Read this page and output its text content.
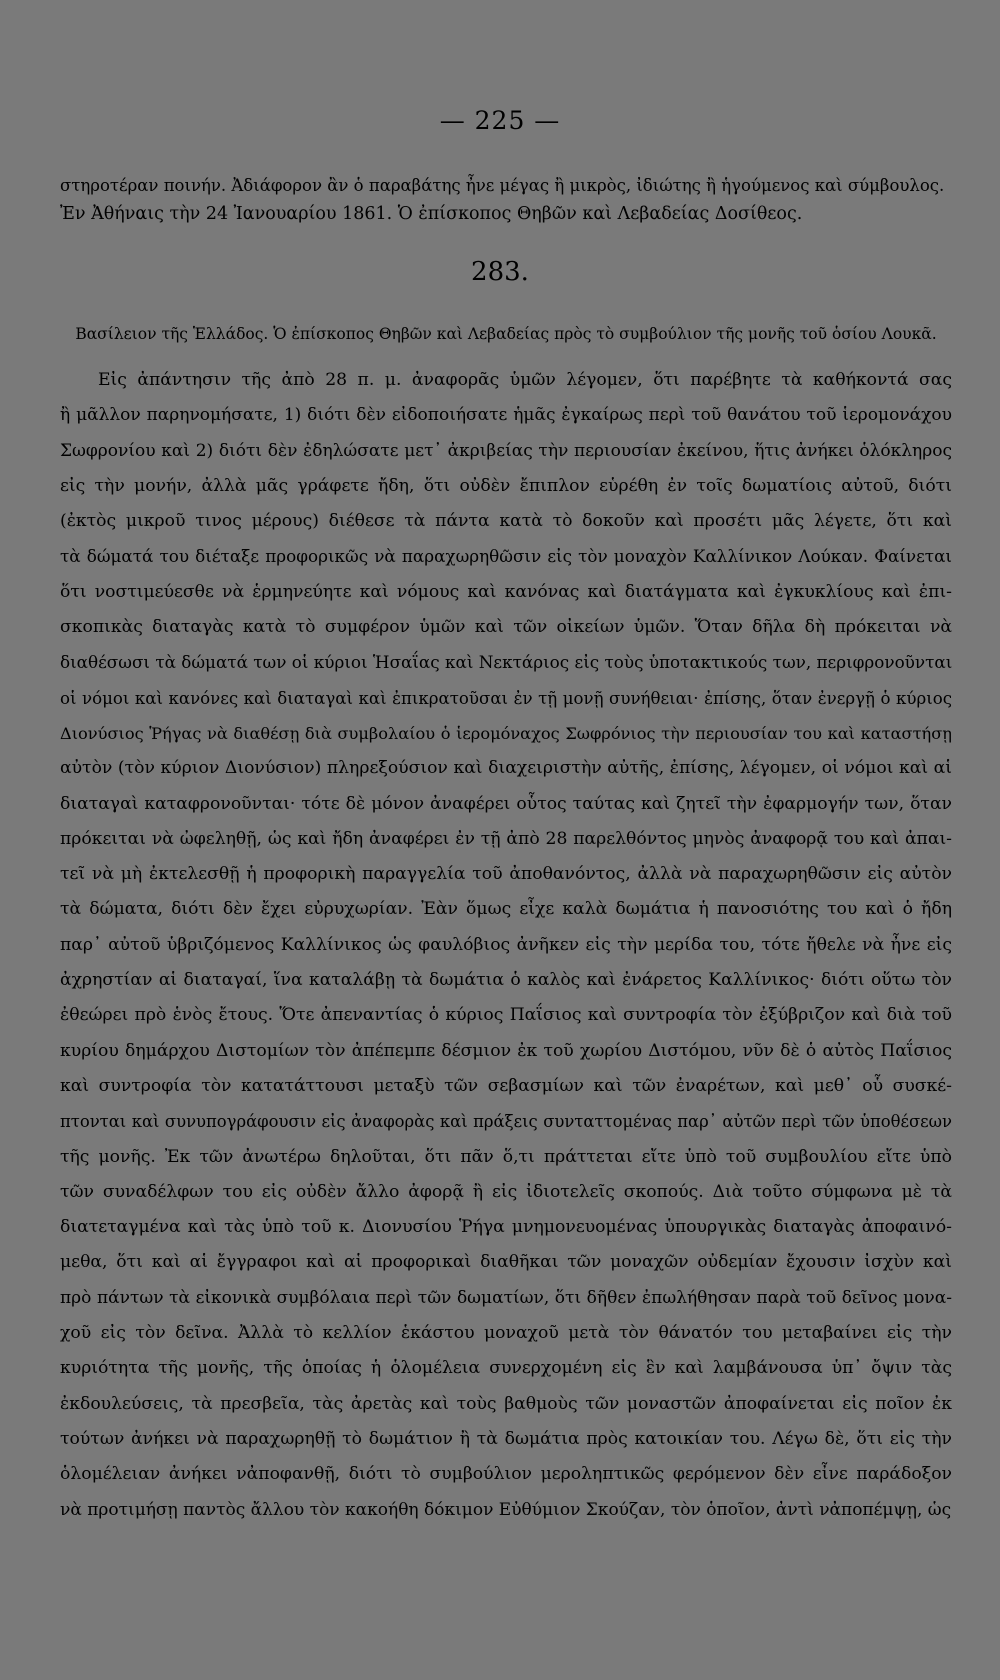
— 225 —

στηροτέραν ποινήν. Ἀδιάφορον ἂν ὁ παραβάτης ἦνε μέγας ἢ μικρὸς, ἰδιώτης ἢ ἡγούμενος καὶ σύμβουλος.

Ἐν Ἀθήναις τὴν 24 Ἰανουαρίου 1861. Ὁ ἐπίσκοπος Θηβῶν καὶ Λεβαδείας Δοσίθεος.

283.
Βασίλειον τῆς Ἑλλάδος. Ὁ ἐπίσκοπος Θηβῶν καὶ Λεβαδείας πρὸς τὸ συμβούλιον τῆς μονῆς τοῦ ὁσίου Λουκᾶ.
Εἰς ἀπάντησιν τῆς ἀπὸ 28 π. μ. ἀναφορᾶς ὑμῶν λέγομεν, ὅτι παρέβητε τὰ καθήκοντά σας
ἢ μᾶλλον παρηνομήσατε, 1) διότι δὲν εἰδοποιήσατε ἡμᾶς ἐγκαίρως περὶ τοῦ θανάτου τοῦ ἱερομονάχου
Σωφρονίου καὶ 2) διότι δὲν ἐδηλώσατε μετ᾽ ἀκριβείας τὴν περιουσίαν ἐκείνου, ἥτις ἀνήκει ὁλόκληρος
εἰς τὴν μονήν, ἀλλὰ μᾶς γράφετε ἤδη, ὅτι οὐδὲν ἔπιπλον εὑρέθη ἐν τοῖς δωματίοις αὐτοῦ, διότι
(ἐκτὸς μικροῦ τινος μέρους) διέθεσε τὰ πάντα κατὰ τὸ δοκοῦν καὶ προσέτι μᾶς λέγετε, ὅτι καὶ
τὰ δώματά του διέταξε προφορικῶς νὰ παραχωρηθῶσιν εἰς τὸν μοναχὸν Καλλίνικον Λούκαν. Φαίνεται
ὅτι νοστιμεύεσθε νὰ ἑρμηνεύητε καὶ νόμους καὶ κανόνας καὶ διατάγματα καὶ ἐγκυκλίους καὶ ἐπι-
σκοπικὰς διαταγὰς κατὰ τὸ συμφέρον ὑμῶν καὶ τῶν οἰκείων ὑμῶν. Ὅταν δῆλα δὴ πρόκειται νὰ
διαθέσωσι τὰ δώματά των οἱ κύριοι Ἡσαΐας καὶ Νεκτάριος εἰς τοὺς ὑποτακτικούς των, περιφρονοῦνται
οἱ νόμοι καὶ κανόνες καὶ διαταγαὶ καὶ ἐπικρατοῦσαι ἐν τῇ μονῇ συνήθειαι· ἐπίσης, ὅταν ἐνεργῇ ὁ κύριος
Διονύσιος Ῥήγας νὰ διαθέσῃ διὰ συμβολαίου ὁ ἱερομόναχος Σωφρόνιος τὴν περιουσίαν του καὶ καταστήσῃ
αὐτὸν (τὸν κύριον Διονύσιον) πληρεξούσιον καὶ διαχειριστὴν αὐτῆς, ἐπίσης, λέγομεν, οἱ νόμοι καὶ αἱ
διαταγαὶ καταφρονοῦνται· τότε δὲ μόνον ἀναφέρει οὗτος ταύτας καὶ ζητεῖ τὴν ἐφαρμογήν των, ὅταν
πρόκειται νὰ ὠφεληθῇ, ὡς καὶ ἤδη ἀναφέρει ἐν τῇ ἀπὸ 28 παρελθόντος μηνὸς ἀναφορᾷ του καὶ ἀπαι-
τεῖ νὰ μὴ ἐκτελεσθῇ ἡ προφορικὴ παραγγελία τοῦ ἀποθανόντος, ἀλλὰ νὰ παραχωρηθῶσιν εἰς αὐτὸν
τὰ δώματα, διότι δὲν ἔχει εὐρυχωρίαν. Ἐὰν ὅμως εἶχε καλὰ δωμάτια ἡ πανοσιότης του καὶ ὁ ἤδη
παρ᾽ αὐτοῦ ὑβριζόμενος Καλλίνικος ὡς φαυλόβιος ἀνῆκεν εἰς τὴν μερίδα του, τότε ἤθελε νὰ ἦνε εἰς
ἀχρηστίαν αἱ διαταγαί, ἵνα καταλάβῃ τὰ δωμάτια ὁ καλὸς καὶ ἐνάρετος Καλλίνικος· διότι οὕτω τὸν
ἐθεώρει πρὸ ἑνὸς ἔτους. Ὅτε ἀπεναντίας ὁ κύριος Παΐσιος καὶ συντροφία τὸν ἐξύβριζον καὶ διὰ τοῦ
κυρίου δημάρχου Διστομίων τὸν ἀπέπεμπε δέσμιον ἐκ τοῦ χωρίου Διστόμου, νῦν δὲ ὁ αὐτὸς Παΐσιος
καὶ συντροφία τὸν κατατάττουσι μεταξὺ τῶν σεβασμίων καὶ τῶν ἐναρέτων, καὶ μεθ᾽ οὗ συσκέ-
πτονται καὶ συνυπογράφουσιν εἰς ἀναφορὰς καὶ πράξεις συνταττομένας παρ᾽ αὐτῶν περὶ τῶν ὑποθέσεων
τῆς μονῆς. Ἐκ τῶν ἀνωτέρω δηλοῦται, ὅτι πᾶν ὅ,τι πράττεται εἴτε ὑπὸ τοῦ συμβουλίου εἴτε ὑπὸ
τῶν συναδέλφων του εἰς οὐδὲν ἄλλο ἀφορᾷ ἢ εἰς ἰδιοτελεῖς σκοπούς. Διὰ τοῦτο σύμφωνα μὲ τὰ
διατεταγμένα καὶ τὰς ὑπὸ τοῦ κ. Διονυσίου Ῥήγα μνημονευομένας ὑπουργικὰς διαταγὰς ἀποφαινό-
μεθα, ὅτι καὶ αἱ ἔγγραφοι καὶ αἱ προφορικαὶ διαθῆκαι τῶν μοναχῶν οὐδεμίαν ἔχουσιν ἰσχὺν καὶ
πρὸ πάντων τὰ εἰκονικὰ συμβόλαια περὶ τῶν δωματίων, ὅτι δῆθεν ἐπωλήθησαν παρὰ τοῦ δεῖνος μονα-
χοῦ εἰς τὸν δεῖνα. Ἀλλὰ τὸ κελλίον ἑκάστου μοναχοῦ μετὰ τὸν θάνατόν του μεταβαίνει εἰς τὴν
κυριότητα τῆς μονῆς, τῆς ὁποίας ἡ ὁλομέλεια συνερχομένη εἰς ἓν καὶ λαμβάνουσα ὑπ᾽ ὄψιν τὰς
ἐκδουλεύσεις, τὰ πρεσβεῖα, τὰς ἀρετὰς καὶ τοὺς βαθμοὺς τῶν μοναστῶν ἀποφαίνεται εἰς ποῖον ἐκ
τούτων ἀνήκει νὰ παραχωρηθῇ τὸ δωμάτιον ἢ τὰ δωμάτια πρὸς κατοικίαν του. Λέγω δὲ, ὅτι εἰς τὴν
ὁλομέλειαν ἀνήκει νἀποφανθῇ, διότι τὸ συμβούλιον μεροληπτικῶς φερόμενον δὲν εἶνε παράδοξον
νὰ προτιμήσῃ παντὸς ἄλλου τὸν κακοήθη δόκιμον Εὐθύμιον Σκούζαν, τὸν ὁποῖον, ἀντὶ νἀποπέμψῃ, ὡς
